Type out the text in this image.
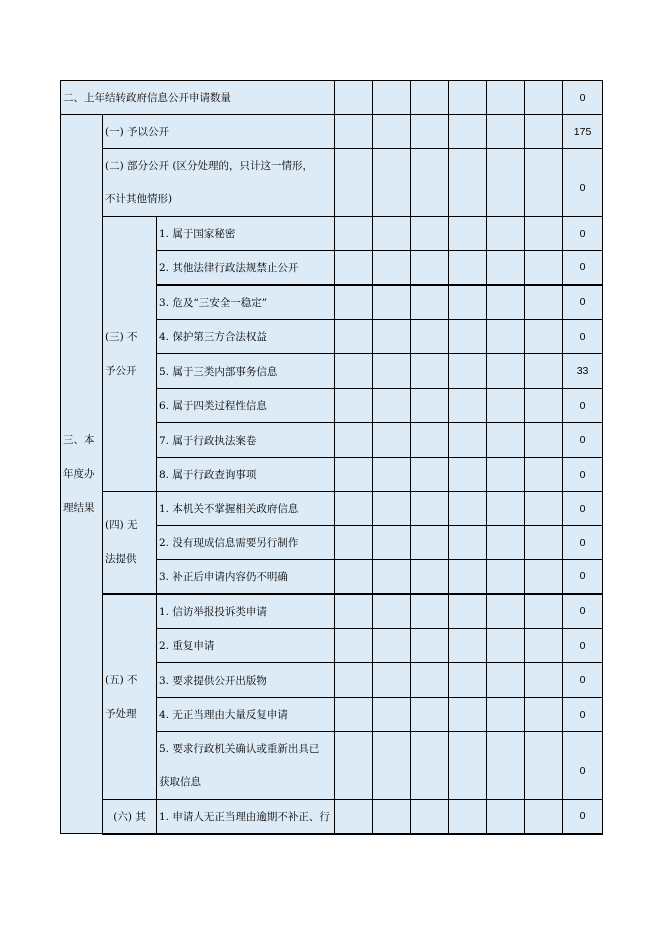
二、上年结转政府信息公开申请数量									0

三、本
年度办
理结果	(一) 予以公开								175

	(二) 部分公开 (区分处理的，只计这一情形，
不计其他情形)								0

	(三) 不
予公开	1. 属于国家秘密							0
		2. 其他法律行政法规禁止公开							0
		3. 危及“三安全一稳定”							0
		4. 保护第三方合法权益							0
		5. 属于三类内部事务信息							33
		6. 属于四类过程性信息							0
		7. 属于行政执法案卷							0
		8. 属于行政查询事项							0

	(四) 无
法提供	1. 本机关不掌握相关政府信息							0
		2. 没有现成信息需要另行制作							0
		3. 补正后申请内容仍不明确							0

	(五) 不
予处理	1. 信访举报投诉类申请							0
		2. 重复申请							0
		3. 要求提供公开出版物							0
		4. 无正当理由大量反复申请							0

		5. 要求行政机关确认或重新出具已
获取信息							0
	(六) 其	1. 申请人无正当理由逾期不补正、行							0
